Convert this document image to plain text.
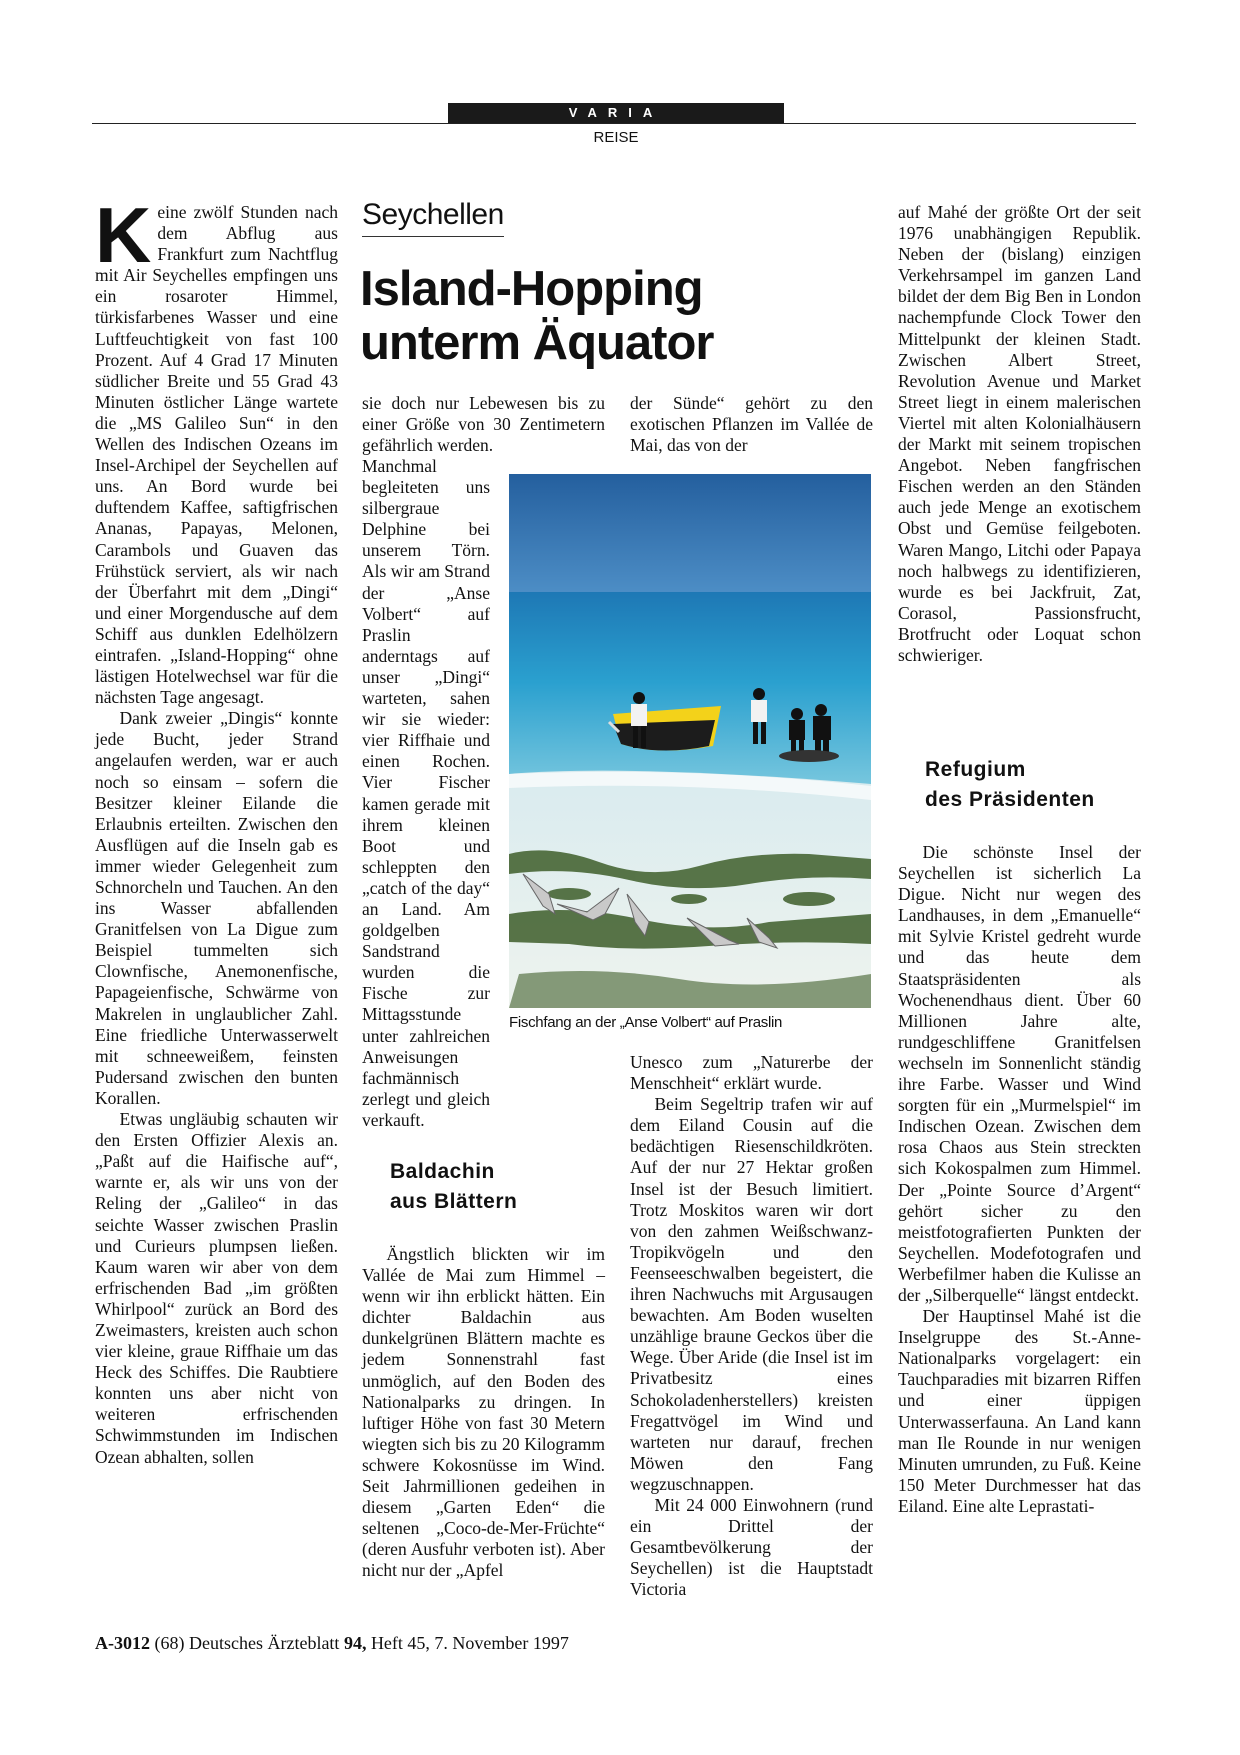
VARIA
REISE

Keine zwölf Stunden nach dem Abflug aus Frankfurt zum Nachtflug mit Air Seychelles empfingen uns ein rosaroter Himmel, türkisfarbenes Wasser und eine Luftfeuchtigkeit von fast 100 Prozent. Auf 4 Grad 17 Minuten südlicher Breite und 55 Grad 43 Minuten östlicher Länge wartete die „MS Galileo Sun“ in den Wellen des Indischen Ozeans im Insel-Archipel der Seychellen auf uns. An Bord wurde bei duftendem Kaffee, saftigfrischen Ananas, Papayas, Melonen, Carambols und Guaven das Frühstück serviert, als wir nach der Überfahrt mit dem „Dingi“ und einer Morgendusche auf dem Schiff aus dunklen Edelhölzern eintrafen. „Island-Hopping“ ohne lästigen Hotelwechsel war für die nächsten Tage angesagt.

Dank zweier „Dingis“ konnte jede Bucht, jeder Strand angelaufen werden, war er auch noch so einsam – sofern die Besitzer kleiner Eilande die Erlaubnis erteilten. Zwischen den Ausflügen auf die Inseln gab es immer wieder Gelegenheit zum Schnorcheln und Tauchen. An den ins Wasser abfallenden Granitfelsen von La Digue zum Beispiel tummelten sich Clownfische, Anemonenfische, Papageienfische, Schwärme von Makrelen in unglaublicher Zahl. Eine friedliche Unterwasserwelt mit schneeweißem, feinsten Pudersand zwischen den bunten Korallen.

Etwas ungläubig schauten wir den Ersten Offizier Alexis an. „Paßt auf die Haifische auf“, warnte er, als wir uns von der Reling der „Galileo“ in das seichte Wasser zwischen Praslin und Curieurs plumpsen ließen. Kaum waren wir aber von dem erfrischenden Bad „im größten Whirlpool“ zurück an Bord des Zweimasters, kreisten auch schon vier kleine, graue Riffhaie um das Heck des Schiffes. Die Raubtiere konnten uns aber nicht von weiteren erfrischenden Schwimmstunden im Indischen Ozean abhalten, sollen

Seychellen
Island-Hopping
unterm Äquator

sie doch nur Lebewesen bis zu einer Größe von 30 Zentimetern gefährlich werden.

Manchmal begleiteten uns silbergraue Delphine bei unserem Törn. Als wir am Strand der „Anse Volbert“ auf Praslin anderntags auf unser „Dingi“ warteten, sahen wir sie wieder: vier Riffhaie und einen Rochen. Vier Fischer kamen gerade mit ihrem kleinen Boot und schleppten den „catch of the day“ an Land. Am goldgelben Sandstrand wurden die Fische zur Mittagsstunde unter zahlreichen Anweisungen fachmännisch zerlegt und gleich verkauft.

Baldachin
aus Blättern

Ängstlich blickten wir im Vallée de Mai zum Himmel – wenn wir ihn erblickt hätten. Ein dichter Baldachin aus dunkelgrünen Blättern machte es jedem Sonnenstrahl fast unmöglich, auf den Boden des Nationalparks zu dringen. In luftiger Höhe von fast 30 Metern wiegten sich bis zu 20 Kilogramm schwere Kokosnüsse im Wind. Seit Jahrmillionen gedeihen in diesem „Garten Eden“ die seltenen „Coco-de-Mer-Früchte“ (deren Ausfuhr verboten ist). Aber nicht nur der „Apfel

der Sünde“ gehört zu den exotischen Pflanzen im Vallée de Mai, das von der

Unesco zum „Naturerbe der Menschheit“ erklärt wurde.

Beim Segeltrip trafen wir auf dem Eiland Cousin auf die bedächtigen Riesenschildkröten. Auf der nur 27 Hektar großen Insel ist der Besuch limitiert. Trotz Moskitos waren wir dort von den zahmen Weißschwanz-Tropikvögeln und den Feenseeschwalben begeistert, die ihren Nachwuchs mit Argusaugen bewachten. Am Boden wuselten unzählige braune Geckos über die Wege. Über Aride (die Insel ist im Privatbesitz eines Schokoladenherstellers) kreisten Fregattvögel im Wind und warteten nur darauf, frechen Möwen den Fang wegzuschnappen.

Mit 24 000 Einwohnern (rund ein Drittel der Gesamtbevölkerung der Seychellen) ist die Hauptstadt Victoria

Fischfang an der „Anse Volbert“ auf Praslin

auf Mahé der größte Ort der seit 1976 unabhängigen Republik. Neben der (bislang) einzigen Verkehrsampel im ganzen Land bildet der dem Big Ben in London nachempfunde Clock Tower den Mittelpunkt der kleinen Stadt. Zwischen Albert Street, Revolution Avenue und Market Street liegt in einem malerischen Viertel mit alten Kolonialhäusern der Markt mit seinem tropischen Angebot. Neben fangfrischen Fischen werden an den Ständen auch jede Menge an exotischem Obst und Gemüse feilgeboten. Waren Mango, Litchi oder Papaya noch halbwegs zu identifizieren, wurde es bei Jackfruit, Zat, Corasol, Passionsfrucht, Brotfrucht oder Loquat schon schwieriger.

Refugium
des Präsidenten

Die schönste Insel der Seychellen ist sicherlich La Digue. Nicht nur wegen des Landhauses, in dem „Emanuelle“ mit Sylvie Kristel gedreht wurde und das heute dem Staatspräsidenten als Wochenendhaus dient. Über 60 Millionen Jahre alte, rundgeschliffene Granitfelsen wechseln im Sonnenlicht ständig ihre Farbe. Wasser und Wind sorgten für ein „Murmelspiel“ im Indischen Ozean. Zwischen dem rosa Chaos aus Stein streckten sich Kokospalmen zum Himmel. Der „Pointe Source d’Argent“ gehört sicher zu den meistfotografierten Punkten der Seychellen. Modefotografen und Werbefilmer haben die Kulisse an der „Silberquelle“ längst entdeckt.

Der Hauptinsel Mahé ist die Inselgruppe des St.-Anne-Nationalparks vorgelagert: ein Tauchparadies mit bizarren Riffen und einer üppigen Unterwasserfauna. An Land kann man Ile Rounde in nur wenigen Minuten umrunden, zu Fuß. Keine 150 Meter Durchmesser hat das Eiland. Eine alte Leprastati-

A-3012 (68) Deutsches Ärzteblatt 94, Heft 45, 7. November 1997
